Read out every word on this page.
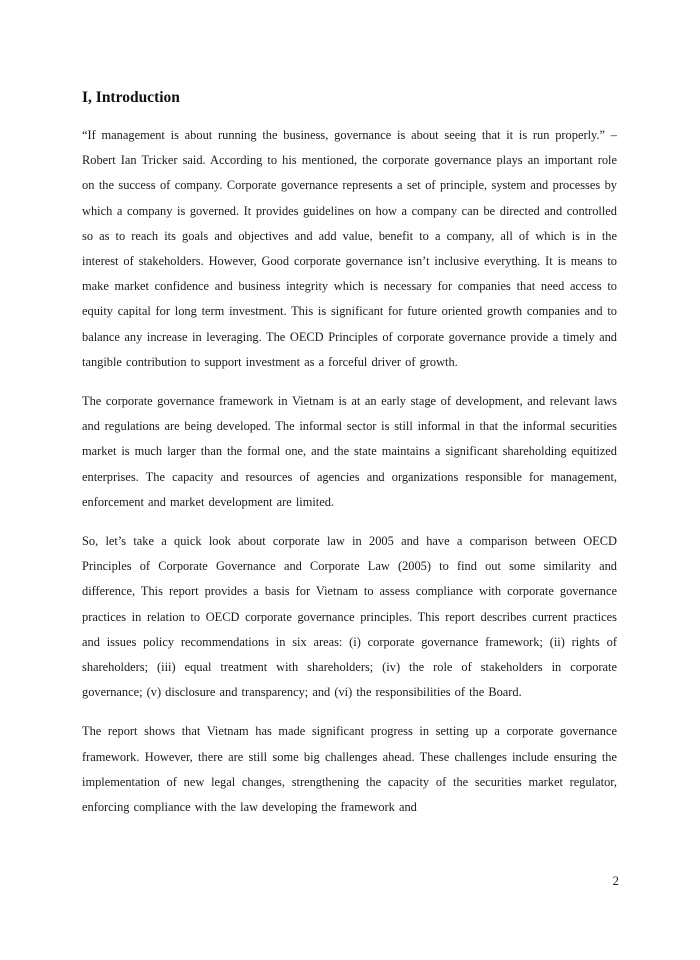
I, Introduction

“If management is about running the business, governance is about seeing that it is run properly.” – Robert Ian Tricker said. According to his mentioned, the corporate governance plays an important role on the success of company. Corporate governance represents a set of principle, system and processes by which a company is governed. It provides guidelines on how a company can be directed and controlled so as to reach its goals and objectives and add value, benefit to a company, all of which is in the interest of stakeholders. However, Good corporate governance isn’t inclusive everything. It is means to make market confidence and business integrity which is necessary for companies that need access to equity capital for long term investment. This is significant for future oriented growth companies and to balance any increase in leveraging. The OECD Principles of corporate governance provide a timely and tangible contribution to support investment as a forceful driver of growth.

The corporate governance framework in Vietnam is at an early stage of development, and relevant laws and regulations are being developed. The informal sector is still informal in that the informal securities market is much larger than the formal one, and the state maintains a significant shareholding equitized enterprises. The capacity and resources of agencies and organizations responsible for management, enforcement and market development are limited.

So, let’s take a quick look about corporate law in 2005 and have a comparison between OECD Principles of Corporate Governance and Corporate Law (2005) to find out some similarity and difference, This report provides a basis for Vietnam to assess compliance with corporate governance practices in relation to OECD corporate governance principles. This report describes current practices and issues policy recommendations in six areas: (i) corporate governance framework; (ii) rights of shareholders; (iii) equal treatment with shareholders; (iv) the role of stakeholders in corporate governance; (v) disclosure and transparency; and (vi) the responsibilities of the Board.

The report shows that Vietnam has made significant progress in setting up a corporate governance framework. However, there are still some big challenges ahead. These challenges include ensuring the implementation of new legal changes, strengthening the capacity of the securities market regulator, enforcing compliance with the law developing the framework and

2
